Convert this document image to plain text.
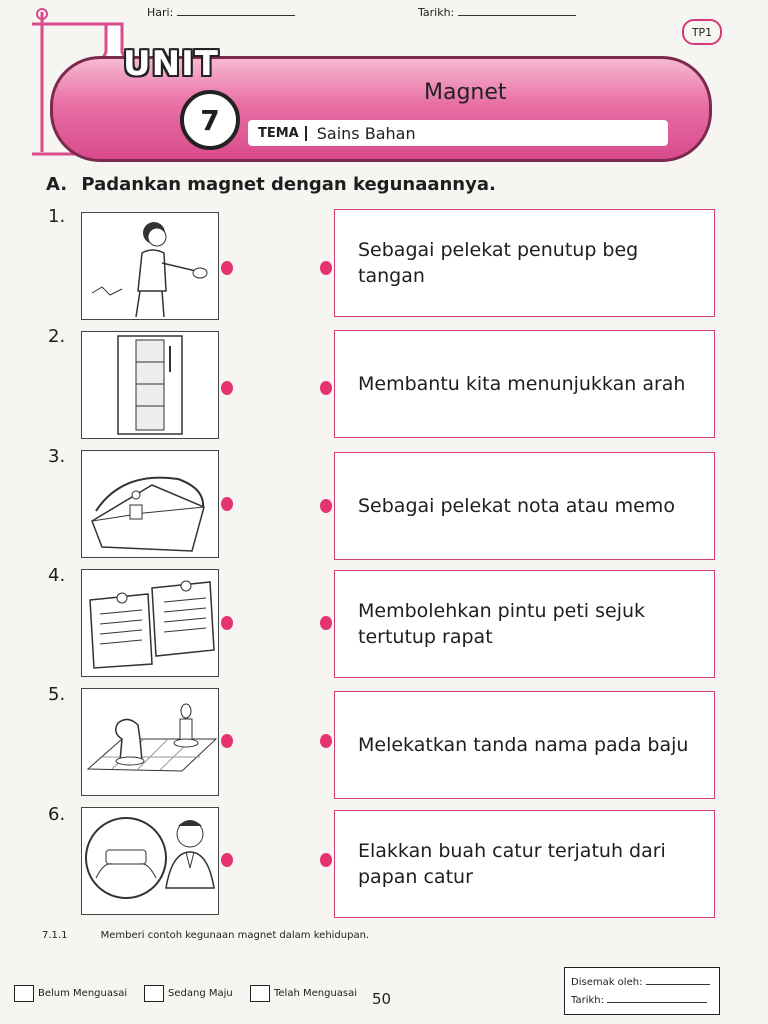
Hari:	Tarikh:
TP1
UNIT
7
Magnet
TEMA	Sains Bahan
A. Padankan magnet dengan kegunaannya.
1.
Sebagai pelekat penutup beg tangan
2.
Membantu kita menunjukkan arah
3.
Sebagai pelekat nota atau memo
4.
Membolehkan pintu peti sejuk tertutup rapat
5.
Melekatkan tanda nama pada baju
6.
Elakkan buah catur terjatuh dari papan catur
7.1.1	Memberi contoh kegunaan magnet dalam kehidupan.
Belum Menguasai	Sedang Maju	Telah Menguasai 50
Disemak oleh:
Tarikh:
